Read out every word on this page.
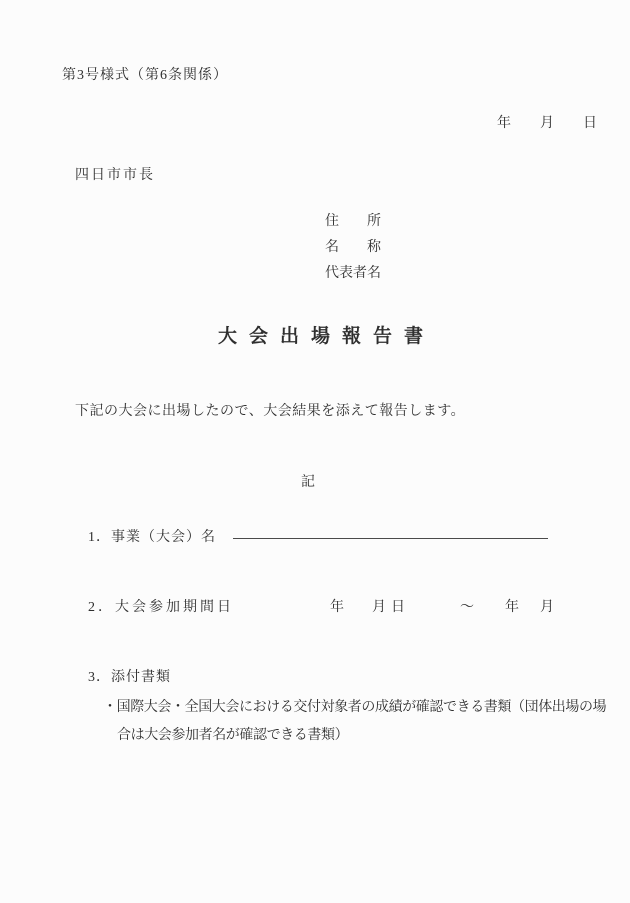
第3号様式（第6条関係）
年 月 日
四日市市長
住　　所
名　　称
代表者名
大会出場報告書

下記の大会に出場したので、大会結果を添えて報告します。

記
1．事業（大会）名
2．大会参加期間	年 月 日	～ 年 月
日
3．添付書類
・国際大会・全国大会における交付対象者の成績が確認できる書類（団体出場の場
合は大会参加者名が確認できる書類）
